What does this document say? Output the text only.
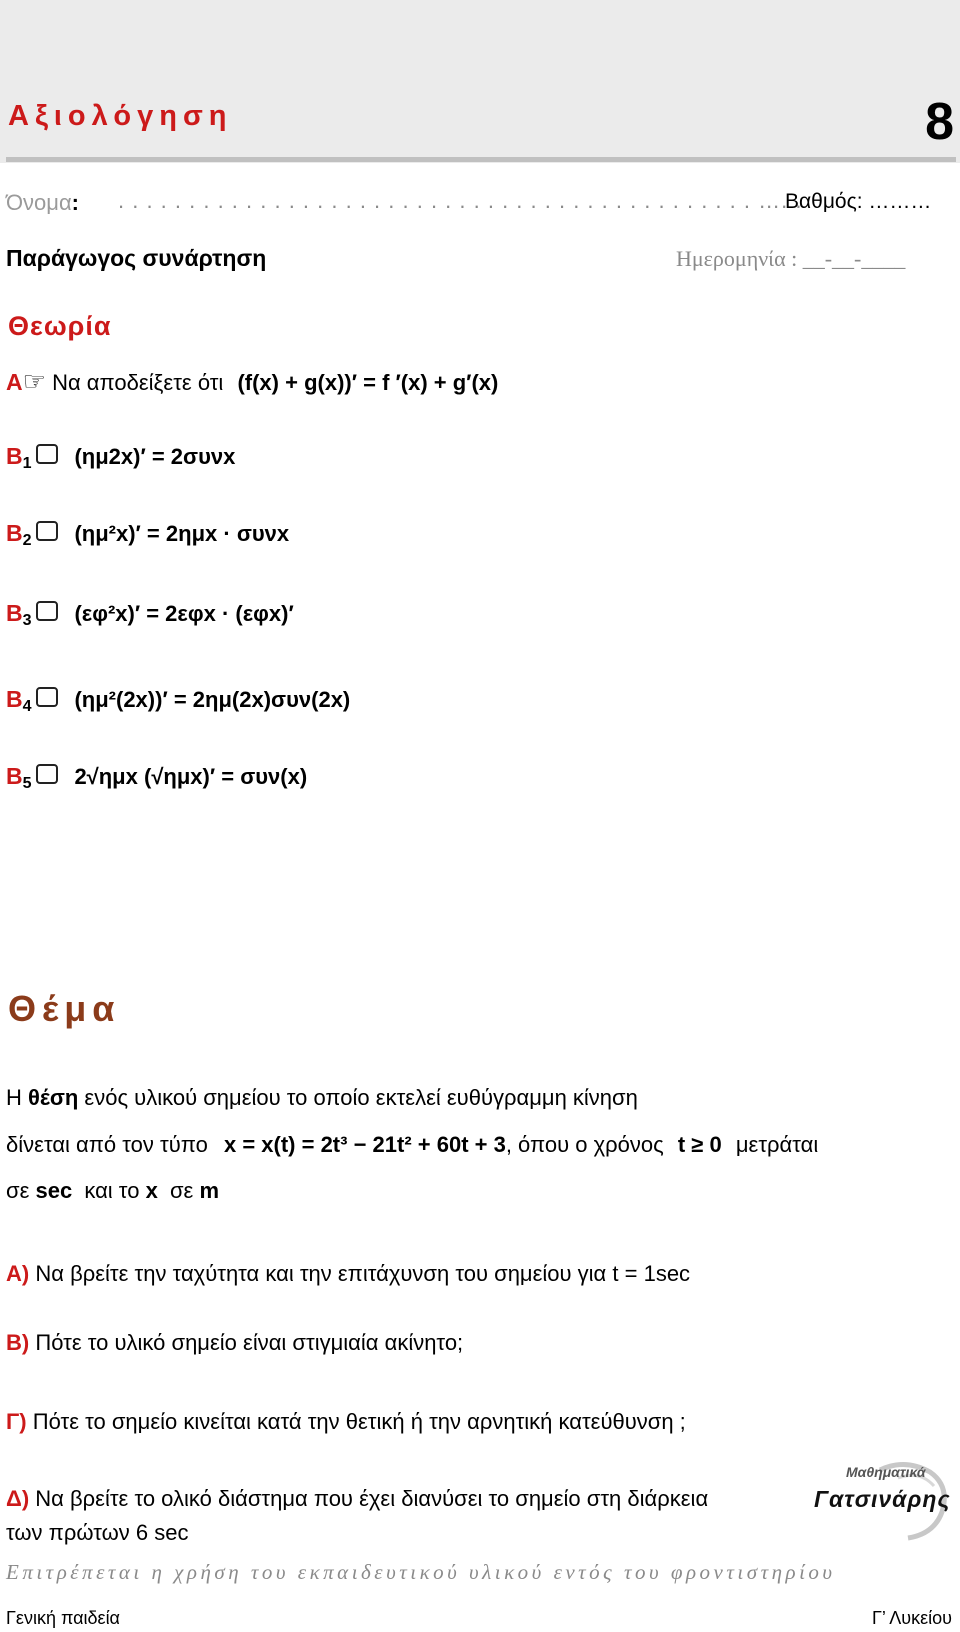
Αξιολόγηση	8
Όνομα: . . . . . . . . . . . . . . . . . . . . . . . . . . . . . . . . . . . . . . . . . . . . . …. .
Βαθμός: ………
Παράγωγος συνάρτηση	Ημερομηνία : __-__-____
Θεωρία
Α☞ Να αποδείξετε ότι (f(x) + g(x))′ = f ′(x) + g′(x)
$B_1$ (ημ2x)′ = 2συνx
$B_2$ (ημ²x)′ = 2ημx · συνx
$B_3$ (εφ²x)′ = 2εφx · (εφx)′
$B_4$ (ημ²(2x))′ = 2ημ(2x)συν(2x)
$B_5$ 2√ημx (√ημx)′ = συν(x)
Θέμα
Η θέση ενός υλικού σημείου το οποίο εκτελεί ευθύγραμμη κίνηση
δίνεται από τον τύπο x = x(t) = 2t³ − 21t² + 60t + 3, όπου ο χρόνος t ≥ 0 μετράται
σε sec και το x σε m
Α) Να βρείτε την ταχύτητα και την επιτάχυνση του σημείου για t = 1sec
Β) Πότε το υλικό σημείο είναι στιγμιαία ακίνητο;
Γ) Πότε το σημείο κινείται κατά την θετική ή την αρνητική κατεύθυνση ;
Δ) Να βρείτε το ολικό διάστημα που έχει διανύσει το σημείο στη διάρκεια
των πρώτων 6 sec
Μαθηματικά
Γατσινάρης
Επιτρέπεται η χρήση του εκπαιδευτικού υλικού εντός του φροντιστηρίου
Γενική παιδεία	Γ’ Λυκείου
